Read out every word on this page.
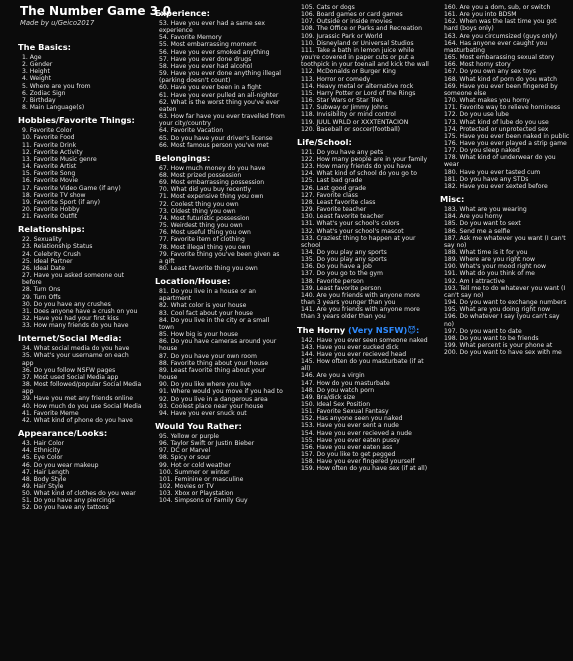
The Number Game 3.0
Made by u/Geico2017
The Basics:
1. Age
2. Gender
3. Height
4. Weight
5. Where are you from
6. Zodiac Sign
7. Birthday
8. Main Language(s)
Hobbies/Favorite Things:
9. Favorite Color
10. Favorite Food
11. Favorite Drink
12. Favorite Activity
13. Favorite Music genre
14. Favorite Artist
15. Favorite Song
16. Favorite Movie
17. Favorite Video Game (if any)
18. Favorite TV show
19. Favorite Sport (if any)
20. Favorite Hobby
21. Favorite Outfit
Relationships:
22. Sexuality
23. Relationship Status
24. Celebrity Crush
25. Ideal Partner
26. Ideal Date
27. Have you asked someone out before
28. Turn Ons
29. Turn Offs
30. Do you have any crushes
31. Does anyone have a crush on you
32. Have you had your first kiss
33. How many friends do you have
Internet/Social Media:
34. What social media do you have
35. What's your username on each app
36. Do you follow NSFW pages
37. Most used Social Media app
38. Most followed/popular Social Media app
39. Have you met any friends online
40. How much do you use Social Media
41. Favorite Meme
42. What kind of phone do you have
Appearance/Looks:
43. Hair Color
44. Ethnicity
45. Eye Color
46. Do you wear makeup
47. Hair Length
48. Body Style
49. Hair Style
50. What kind of clothes do you wear
51. Do you have any piercings
52. Do you have any tattoos
Experience:
53. Have you ever had a same sex experience
54. Favorite Memory
55. Most embarrassing moment
56. Have you ever smoked anything
57. Have you ever done drugs
58. Have you ever had alcohol
59. Have you ever done anything illegal (parking doesn't count)
60. Have you ever been in a fight
61. Have you ever pulled an all-nighter
62. What is the worst thing you've ever eaten
63. How far have you ever travelled from your city/country
64. Favorite Vacation
65. Do you have your driver's license
66. Most famous person you've met
Belongings:
67. How much money do you have
68. Most prized possession
69. Most embarrassing possession
70. What did you buy recently
71. Most expensive thing you own
72. Coolest thing you own
73. Oldest thing you own
74. Most futuristic possession
75. Weirdest thing you own
76. Most useful thing you own
77. Favorite item of clothing
78. Most illegal thing you own
79. Favorite thing you've been given as a gift
80. Least favorite thing you own
Location/House:
81. Do you live in a house or an apartment
82. What color is your house
83. Cool fact about your house
84. Do you live in the city or a small town
85. How big is your house
86. Do you have cameras around your house
87. Do you have your own room
88. Favorite thing about your house
89. Least favorite thing about your house
90. Do you like where you live
91. Where would you move if you had to
92. Do you live in a dangerous area
93. Coolest place near your house
94. Have you ever snuck out
Would You Rather:
95. Yellow or purple
96. Taylor Swift or Justin Bieber
97. DC or Marvel
98. Spicy or sour
99. Hot or cold weather
100. Summer or winter
101. Feminine or masculine
102. Movies or TV
103. Xbox or Playstation
104. Simpsons or Family Guy
105. Cats or dogs
106. Board games or card games
107. Outside or inside movies
108. The Office or Parks and Recreation
109. Jurassic Park or World
110. Disneyland or Universal Studios
111. Take a bath in lemon juice while you're covered in paper cuts or put a toothpick in your toenail and kick the wall
112. McDonalds or Burger King
113. Horror or comedy
114. Heavy metal or alternative rock
115. Harry Potter or Lord of the Rings
116. Star Wars or Star Trek
117. Subway or Jimmy Johns
118. Invisibility or mind control
119. JUUL WRLD or XXXTENTACION
120. Baseball or soccer(football)
Life/School:
121. Do you have any pets
122. How many people are in your family
123. How many friends do you have
124. What kind of school do you go to
125. Last bad grade
126. Last good grade
127. Favorite class
128. Least favorite class
129. Favorite teacher
130. Least favorite teacher
131. What's your school's colors
132. What's your school's mascot
133. Craziest thing to happen at your school
134. Do you play any sports
135. Do you play any sports
136. Do you have a job
137. Do you go to the gym
138. Favorite person
139. Least favorite person
140. Are you friends with anyone more than 3 years younger than you
141. Are you friends with anyone more than 3 years older than you
The Horny (Very NSFW)😈:
142. Have you ever seen someone naked
143. Have you ever sucked dick
144. Have you ever recieved head
145. How often do you masturbate (if at all)
146. Are you a virgin
147. How do you masturbate
148. Do you watch porn
149. Bra/dick size
150. Ideal Sex Position
151. Favorite Sexual Fantasy
152. Has anyone seen you naked
153. Have you ever sent a nude
154. Have you ever recieved a nude
155. Have you ever eaten pussy
156. Have you ever eaten ass
157. Do you like to get pegged
158. Have you ever fingered yourself
159. How often do you have sex (if at all)
160. Are you a dom, sub, or switch
161. Are you into BDSM
162. When was the last time you got hard (boys only)
163. Are you circumsized (guys only)
164. Has anyone ever caught you masturbating
165. Most embarassing sexual story
166. Most horny story
167. Do you own any sex toys
168. What kind of porn do you watch
169. Have you ever been fingered by someone else
170. What makes you horny
171. Favorite way to relieve horniness
172. Do you use lube
173. What kind of lube do you use
174. Protected or unprotected sex
175. Have you ever been naked in public
176. Have you ever played a strip game
177. Do you sleep naked
178. What kind of underwear do you wear
180. Have you ever tasted cum
181. Do you have any STDs
182. Have you ever sexted before
Misc:
183. What are you wearing
184. Are you horny
185. Do you want to sext
186. Send me a selfie
187. Ask me whatever you want (I can't say no)
188. What time is it for you
189. Where are you right now
190. What's your mood right now
191. What do you think of me
192. Am I attractive
193. Tell me to do whatever you want (I can't say no)
194. Do you want to exchange numbers
195. What are you doing right now
196. Do whatever I say (you can't say no)
197. Do you want to date
198. Do you want to be friends
199. What percent is your phone at
200. Do you want to have sex with me
